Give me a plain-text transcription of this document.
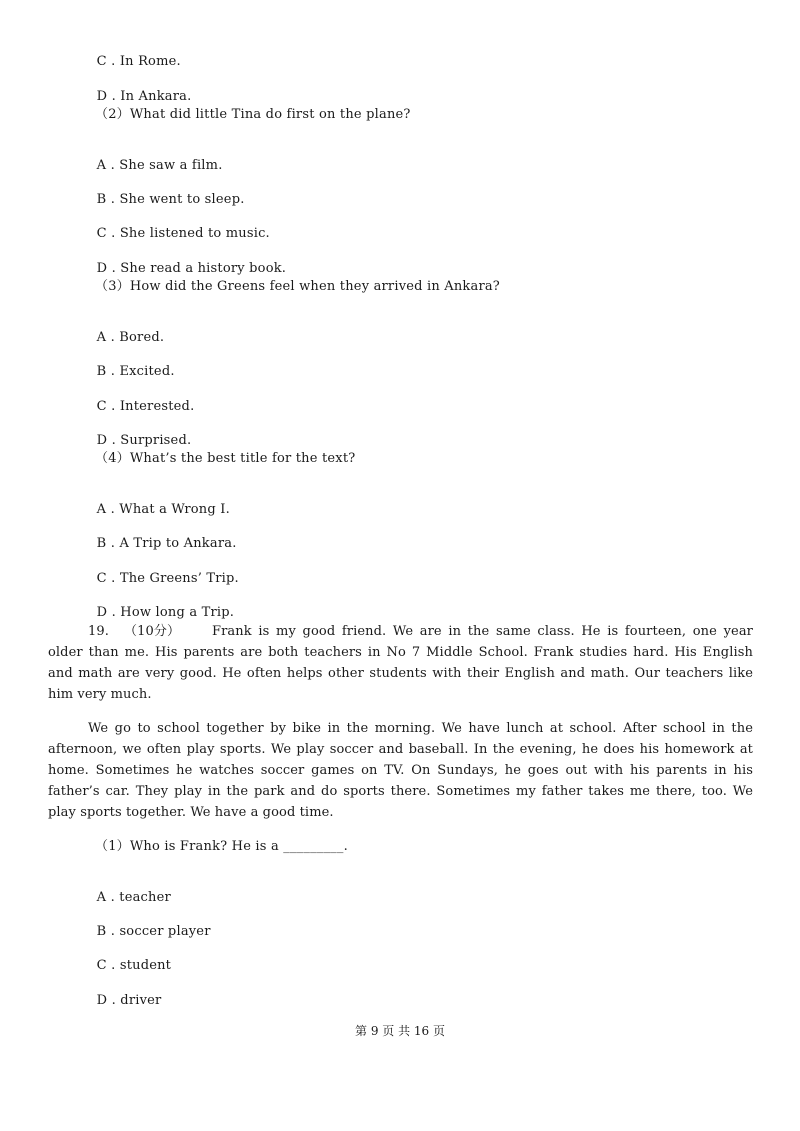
C . In Rome.

D . In Ankara.

（2）What did little Tina do first on the plane?

A . She saw a film.

B . She went to sleep.

C . She listened to music.

D . She read a history book.

（3）How did the Greens feel when they arrived in Ankara?

A . Bored.

B . Excited.

C . Interested.

D . Surprised.

（4）What’s the best title for the text?

A . What a Wrong I.

B . A Trip to Ankara.

C . The Greens’ Trip.

D . How long a Trip.

19. （10分） Frank is my good friend. We are in the same class. He is fourteen, one year older than me. His parents are both teachers in No 7 Middle School. Frank studies hard. His English and math are very good. He often helps other students with their English and math. Our teachers like him very much.
We go to school together by bike in the morning. We have lunch at school. After school in the afternoon, we often play sports. We play soccer and baseball. In the evening, he does his homework at home. Sometimes he watches soccer games on TV. On Sundays, he goes out with his parents in his father’s car. They play in the park and do sports there. Sometimes my father takes me there, too. We play sports together. We have a good time.
（1）Who is Frank? He is a _________.

A . teacher

B . soccer player

C . student

D . driver

第 9 页 共 16 页
